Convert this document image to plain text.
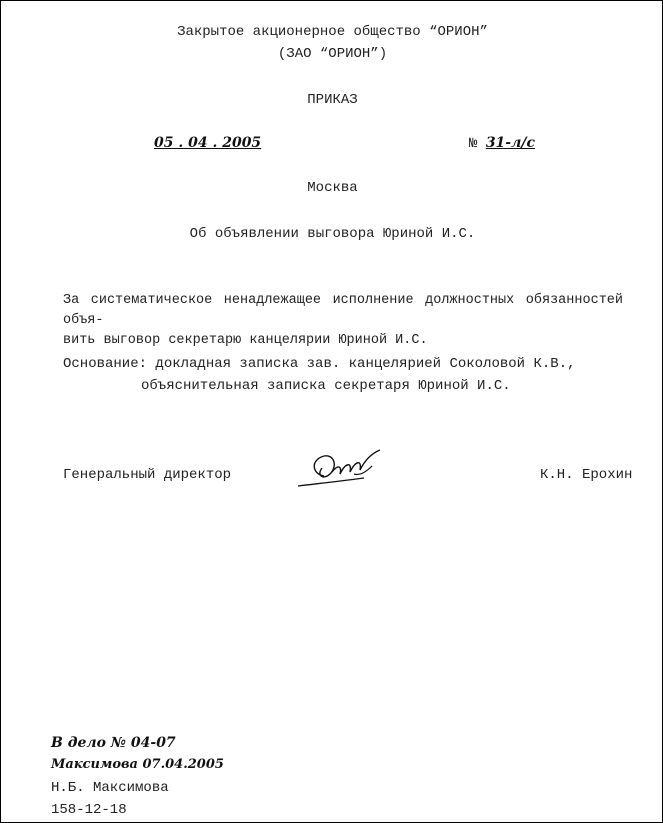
Закрытое акционерное общество “ОРИОН”
(ЗАО “ОРИОН”)
ПРИКАЗ
05 . 04 . 2005	№ 31-л/с
Москва
Об объявлении выговора Юриной И.С.
За систематическое ненадлежащее исполнение должностных обязанностей объя-
вить выговор секретарю канцелярии Юриной И.С.
Основание: докладная записка зав. канцелярией Соколовой К.В.,
объяснительная записка секретаря Юриной И.С.
Генеральный директор	К.Н. Ерохин
В дело № 04-07
Максимова 07.04.2005
Н.Б. Максимова
158-12-18
